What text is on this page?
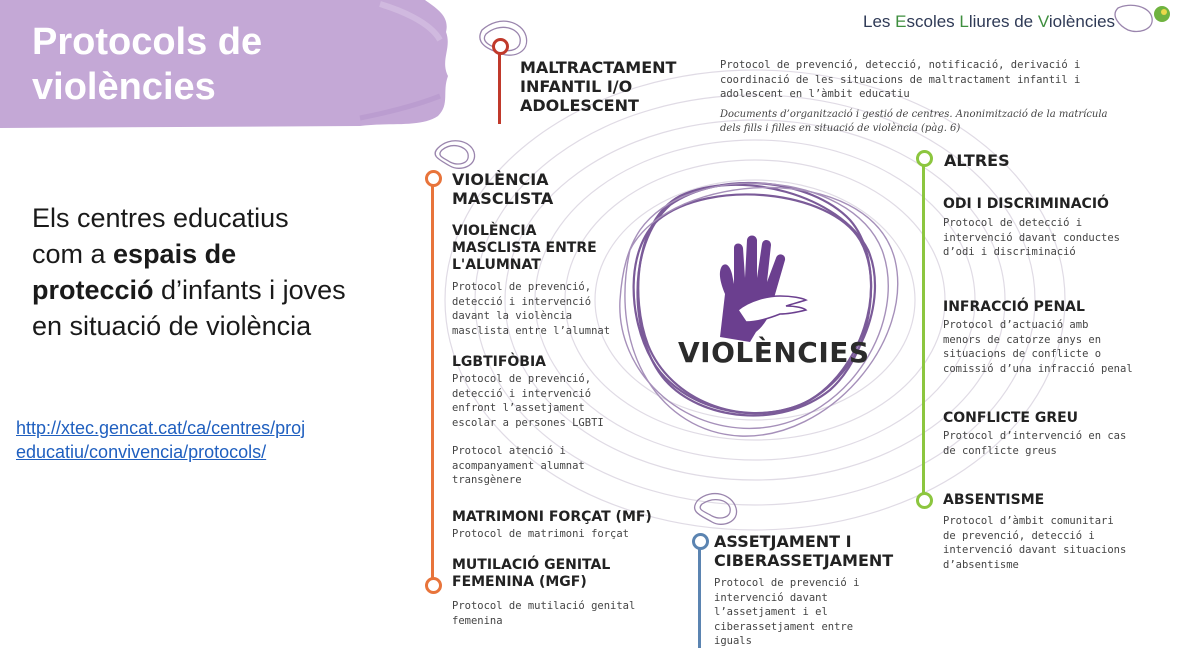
Protocols de
violències
Les Escoles Lliures de Violències
Els centres educatius
com a espais de
protecció d’infants i joves
en situació de violència
http://xtec.gencat.cat/ca/centres/proj
educatiu/convivencia/protocols/
VIOLÈNCIES
MALTRACTAMENT
INFANTIL I/O
ADOLESCENT
Protocol de prevenció, detecció, notificació, derivació i
coordinació de les situacions de maltractament infantil i
adolescent en l’àmbit educatiu
Documents d’organització i gestió de centres. Anonimització de la matrícula
dels fills i filles en situació de violència (pàg. 6)
VIOLÈNCIA
MASCLISTA
VIOLÈNCIA
MASCLISTA ENTRE
L'ALUMNAT
Protocol de prevenció,
detecció i intervenció
davant la violència
masclista entre l’alumnat
LGBTIFÒBIA
Protocol de prevenció,
detecció i intervenció
enfront l’assetjament
escolar a persones LGBTI
Protocol atenció i
acompanyament alumnat
transgènere
MATRIMONI FORÇAT (MF)
Protocol de matrimoni forçat
MUTILACIÓ GENITAL
FEMENINA (MGF)
Protocol de mutilació genital
femenina
ASSETJAMENT I
CIBERASSETJAMENT
Protocol de prevenció i
intervenció davant
l’assetjament i el
ciberassetjament entre
iguals
ALTRES
ODI I DISCRIMINACIÓ
Protocol de detecció i
intervenció davant conductes
d’odi i discriminació
INFRACCIÓ PENAL
Protocol d’actuació amb
menors de catorze anys en
situacions de conflicte o
comissió d’una infracció penal
CONFLICTE GREU
Protocol d’intervenció en cas
de conflicte greus
ABSENTISME
Protocol d’àmbit comunitari
de prevenció, detecció i
intervenció davant situacions
d’absentisme
